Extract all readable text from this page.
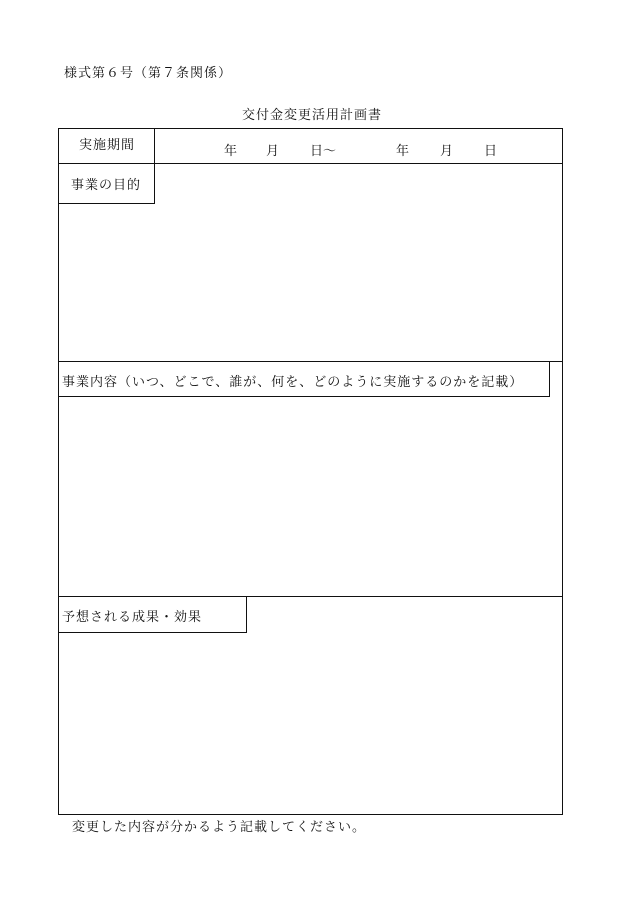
様式第６号（第７条関係）
交付金変更活用計画書
実施期間	年 月 日～	年 月 日
事業の目的
事業内容（いつ、どこで、誰が、何を、どのように実施するのかを記載）
予想される成果・効果
変更した内容が分かるよう記載してください。
